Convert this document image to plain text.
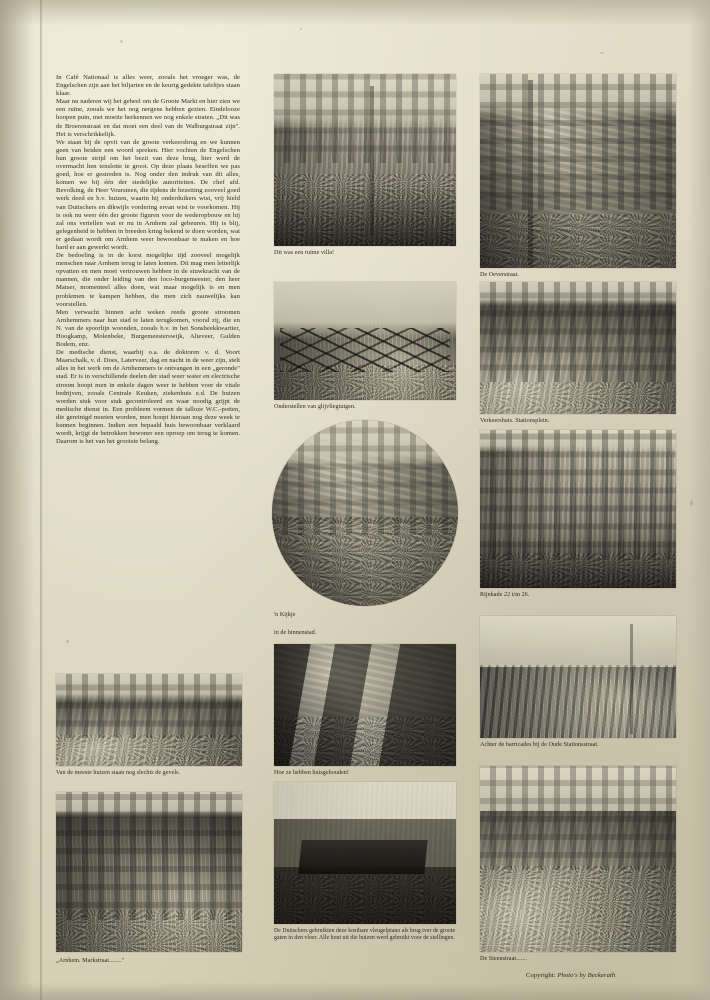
In Café Nationaal is alles weer, zooals het vroeger was, de Engelschen zijn aan het biljarten en de keurig gedekte tafeltjes staan klaar.

Maar nu naderen wij het geheel om de Groote Markt en hier zien we een ruïne, zooals we het nog nergens hebben gezien. Eindelooze hoopen puin, met moeite herkennen we nog enkele straten. „Dit was de Broerenstraat en dat moet een deel van de Walburgstraat zijn". Het is verschrikkelijk.

We staan bij de opvit van de groote verkeersbrug en we kunnen geen van beiden een woord spreken. Hier vochten de Engelschen hun groote strijd om het bezit van deze brug, hier werd de overmacht hen tenslotte te groot. Op deze plaats beseffen we pas goed, hoe er gestreden is. Nog onder den indruk van dit alles, komen we bij één der stedelijke autoriteiten. De chef afd. Bevolking, de Heer Voursteen, die tijdens de bezetting zooveel goed werk deed en b.v. huizen, waarin hij onderduikers wist, vrij hield van Duitschers en dikwijls vordering ervan wist te voorkomen. Hij is ook nu weer één der groote figuren voor de wederopbouw en hij zal ons vertellen wat er nu in Arnhem zal gebeuren. Hij is blij, gelegenheid te hebben in breeden kring bekend te doen worden, wat er gedaan wordt om Arnhem weer bewoonbaar te maken en hoe hard er aan gewerkt wordt.

De bedoeling is in de korst mogelijke tijd zooveel mogelijk menschen naar Arnhem terug te laten komen. Dit mag men letterlijk opvatten en men moet vertrouwen hebben in de stuwkracht van de mannen, die onder leiding van den loco-burgemeester, den heer Matser, momenteel alles doen, wat maar mogelijk is en men problemen te kampen hebben, die men zich nauwelijks kan voorstellen.

Men verwacht binnen acht weken reeds groote stroomen Arnhemmers naar hun stad te laten terugkomen, vooral zij, die en N. van de spoorlijn woonden, zooals b.v. in het Sonsbeekkwartier, Hoogkamp, Molenbeke, Burgemeesterswijk, Alteveer, Gulden Bodem, enz.

De medische dienst, waarbij o.a. de doktoren v. d. Voort Maarschalk, v. d. Does, Laterveer, dag en nacht in de weer zijn, stelt alles in het werk om de Arnhemmers te ontvangen in een „geronde" stad. Er is in verschillende deelen der stad weer water en electrische stroom hoopt men in enkele dagen weer te hebben voor de vitale bedrijven, zooals Centrale Keuken, ziekenhuis e.d. De huizen worden stuk voor stuk gecontroleerd en waar noodig grijpt de medische dienst in. Een probleem vormen de talloze W.C.-potten, die gereinigd moeten worden, men hoopt hieraan nog deze week te kunnen beginnen. Indien een bepaald huis bewoonbaar verklaard wordt, krijgt de betrokken bewoner een oproep om terug te komen. Daarom is het van het grootste belang.

Dit was een ruime villa!
De Oeverstraat.
Onderstellen van glijvliegtuigen.
Verkeershuis. Stationsplein.
'n Kijkje
in de binnenstad.
Rijnkade 22 t/m 26.
Achter de barricades bij de Oude Stationsstraat.
Van de meeste huizen staan nog slechts de gevels.	Hoe ze hebben huisgehouden!
„Arnhem. Markstraat........"
De Duitschers gebruikten deze kostbare vleugelpiano als brug tver de groote gaten in den vloer. Alle hout uit die huizen werd gebruikt voor de stellingen.
De Steenstraat.......
Copyright: Photo's by Beckerath
